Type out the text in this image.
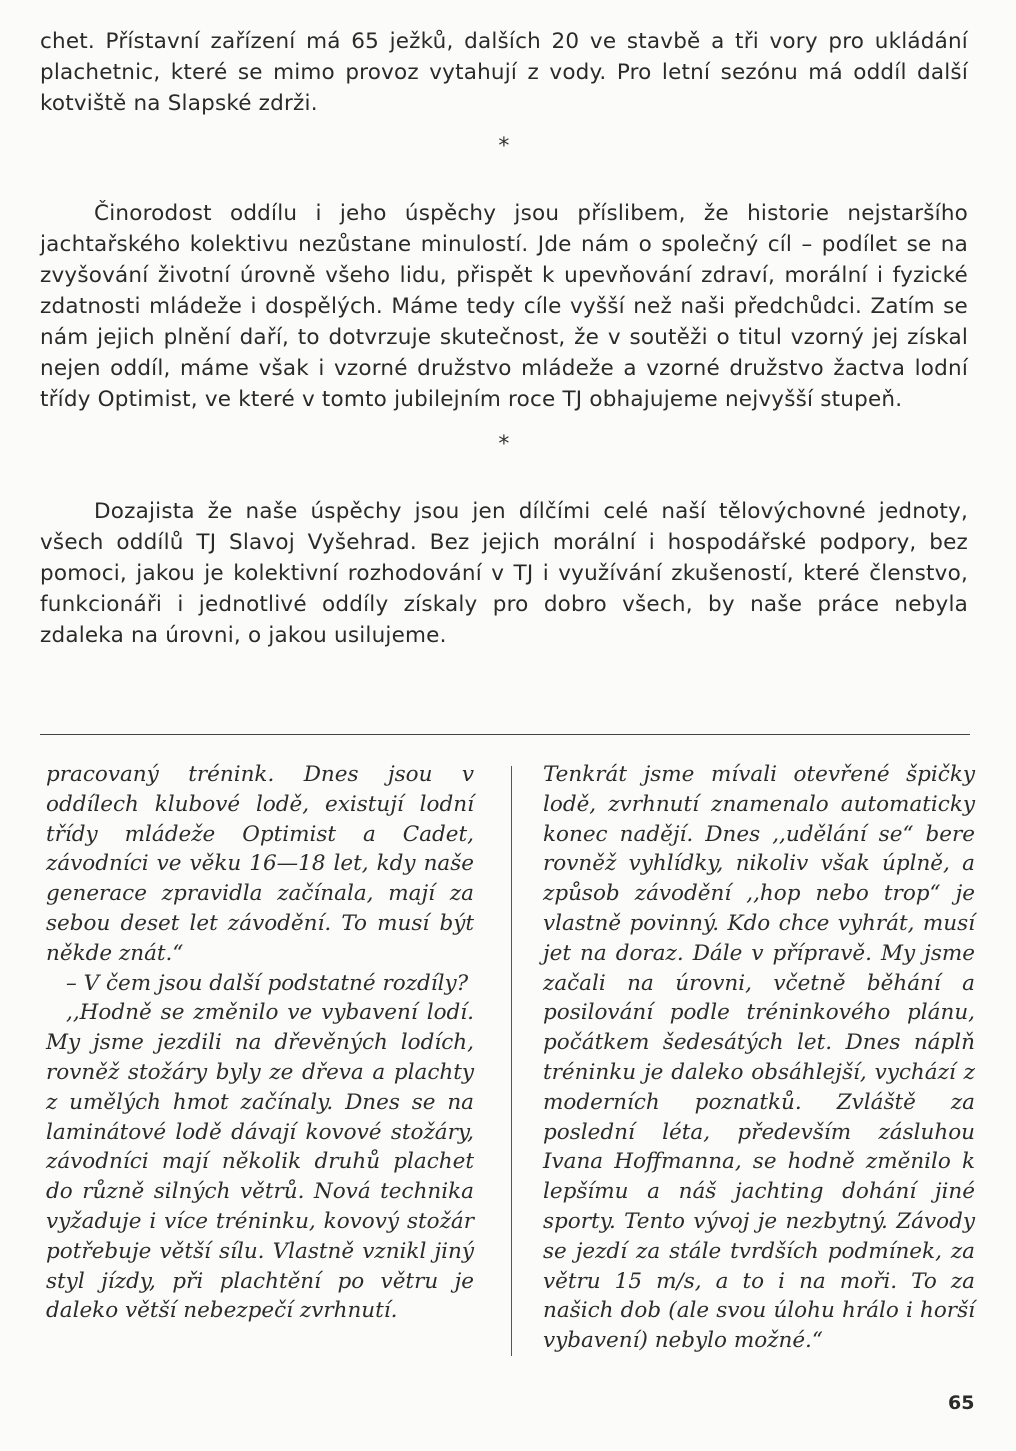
chet. Přístavní zařízení má 65 ježků, dalších 20 ve stavbě a tři vory pro ukládání plachetnic, které se mimo provoz vytahují z vody. Pro letní sezónu má oddíl další kotviště na Slapské zdrži.

*

Činorodost oddílu i jeho úspěchy jsou příslibem, že historie nejstaršího jachtařského kolektivu nezůstane minulostí. Jde nám o společný cíl – podílet se na zvyšování životní úrovně všeho lidu, přispět k upevňování zdraví, morální i fyzické zdatnosti mládeže i dospělých. Máme tedy cíle vyšší než naši předchůdci. Zatím se nám jejich plnění daří, to dotvrzuje skutečnost, že v soutěži o titul vzorný jej získal nejen oddíl, máme však i vzorné družstvo mládeže a vzorné družstvo žactva lodní třídy Optimist, ve které v tomto jubilejním roce TJ obhajujeme nejvyšší stupeň.

*

Dozajista že naše úspěchy jsou jen dílčími celé naší tělovýchovné jednoty, všech oddílů TJ Slavoj Vyšehrad. Bez jejich morální i hospodářské podpory, bez pomoci, jakou je kolektivní rozhodování v TJ i využívání zkušeností, které členstvo, funkcionáři i jednotlivé oddíly získaly pro dobro všech, by naše práce nebyla zdaleka na úrovni, o jakou usilujeme.

pracovaný trénink. Dnes jsou v oddílech klubové lodě, existují lodní třídy mládeže Optimist a Cadet, závodníci ve věku 16—18 let, kdy naše generace zpravidla začínala, mají za sebou deset let závodění. To musí být někde znát.“

– V čem jsou další podstatné rozdíly?

,,Hodně se změnilo ve vybavení lodí. My jsme jezdili na dřevěných lodích, rovněž stožáry byly ze dřeva a plachty z umělých hmot začínaly. Dnes se na laminátové lodě dávají kovové stožáry, závodníci mají několik druhů plachet do různě silných větrů. Nová technika vyžaduje i více tréninku, kovový stožár potřebuje větší sílu. Vlastně vznikl jiný styl jízdy, při plachtění po větru je daleko větší nebezpečí zvrhnutí.

Tenkrát jsme mívali otevřené špičky lodě, zvrhnutí znamenalo automaticky konec nadějí. Dnes ,,udělání se“ bere rovněž vyhlídky, nikoliv však úplně, a způsob závodění ,,hop nebo trop“ je vlastně povinný. Kdo chce vyhrát, musí jet na doraz. Dále v přípravě. My jsme začali na úrovni, včetně běhání a posilování podle tréninkového plánu, počátkem šedesátých let. Dnes náplň tréninku je daleko obsáhlejší, vychází z moderních poznatků. Zvláště za poslední léta, především zásluhou Ivana Hoffmanna, se hodně změnilo k lepšímu a náš jachting dohání jiné sporty. Tento vývoj je nezbytný. Závody se jezdí za stále tvrdších podmínek, za větru 15 m/s, a to i na moři. To za našich dob (ale svou úlohu hrálo i horší vybavení) nebylo možné.“

65
